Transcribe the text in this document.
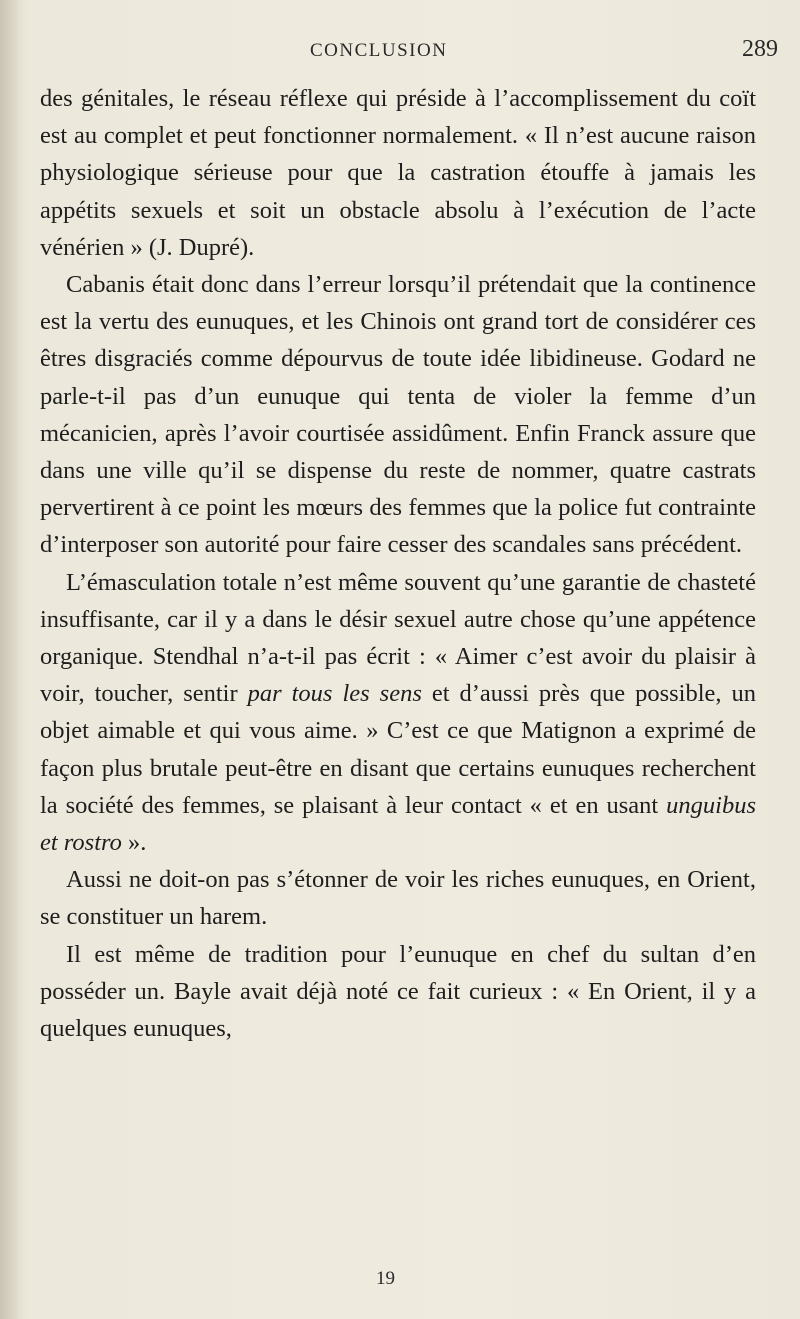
CONCLUSION	289

des génitales, le réseau réflexe qui préside à l’accomplissement du coït est au complet et peut fonctionner normalement. « Il n’est aucune raison physiologique sérieuse pour que la castration étouffe à jamais les appétits sexuels et soit un obstacle absolu à l’exécution de l’acte vénérien » (J. Dupré).

Cabanis était donc dans l’erreur lorsqu’il prétendait que la continence est la vertu des eunuques, et les Chinois ont grand tort de considérer ces êtres disgraciés comme dépourvus de toute idée libidineuse. Godard ne parle-t-il pas d’un eunuque qui tenta de violer la femme d’un mécanicien, après l’avoir courtisée assidûment. Enfin Franck assure que dans une ville qu’il se dispense du reste de nommer, quatre castrats pervertirent à ce point les mœurs des femmes que la police fut contrainte d’interposer son autorité pour faire cesser des scandales sans précédent.

L’émasculation totale n’est même souvent qu’une garantie de chasteté insuffisante, car il y a dans le désir sexuel autre chose qu’une appétence organique. Stendhal n’a-t-il pas écrit : « Aimer c’est avoir du plaisir à voir, toucher, sentir par tous les sens et d’aussi près que possible, un objet aimable et qui vous aime. » C’est ce que Matignon a exprimé de façon plus brutale peut-être en disant que certains eunuques recherchent la société des femmes, se plaisant à leur contact « et en usant unguibus et rostro ».

Aussi ne doit-on pas s’étonner de voir les riches eunuques, en Orient, se constituer un harem.

Il est même de tradition pour l’eunuque en chef du sultan d’en posséder un. Bayle avait déjà noté ce fait curieux : « En Orient, il y a quelques eunuques,

19
